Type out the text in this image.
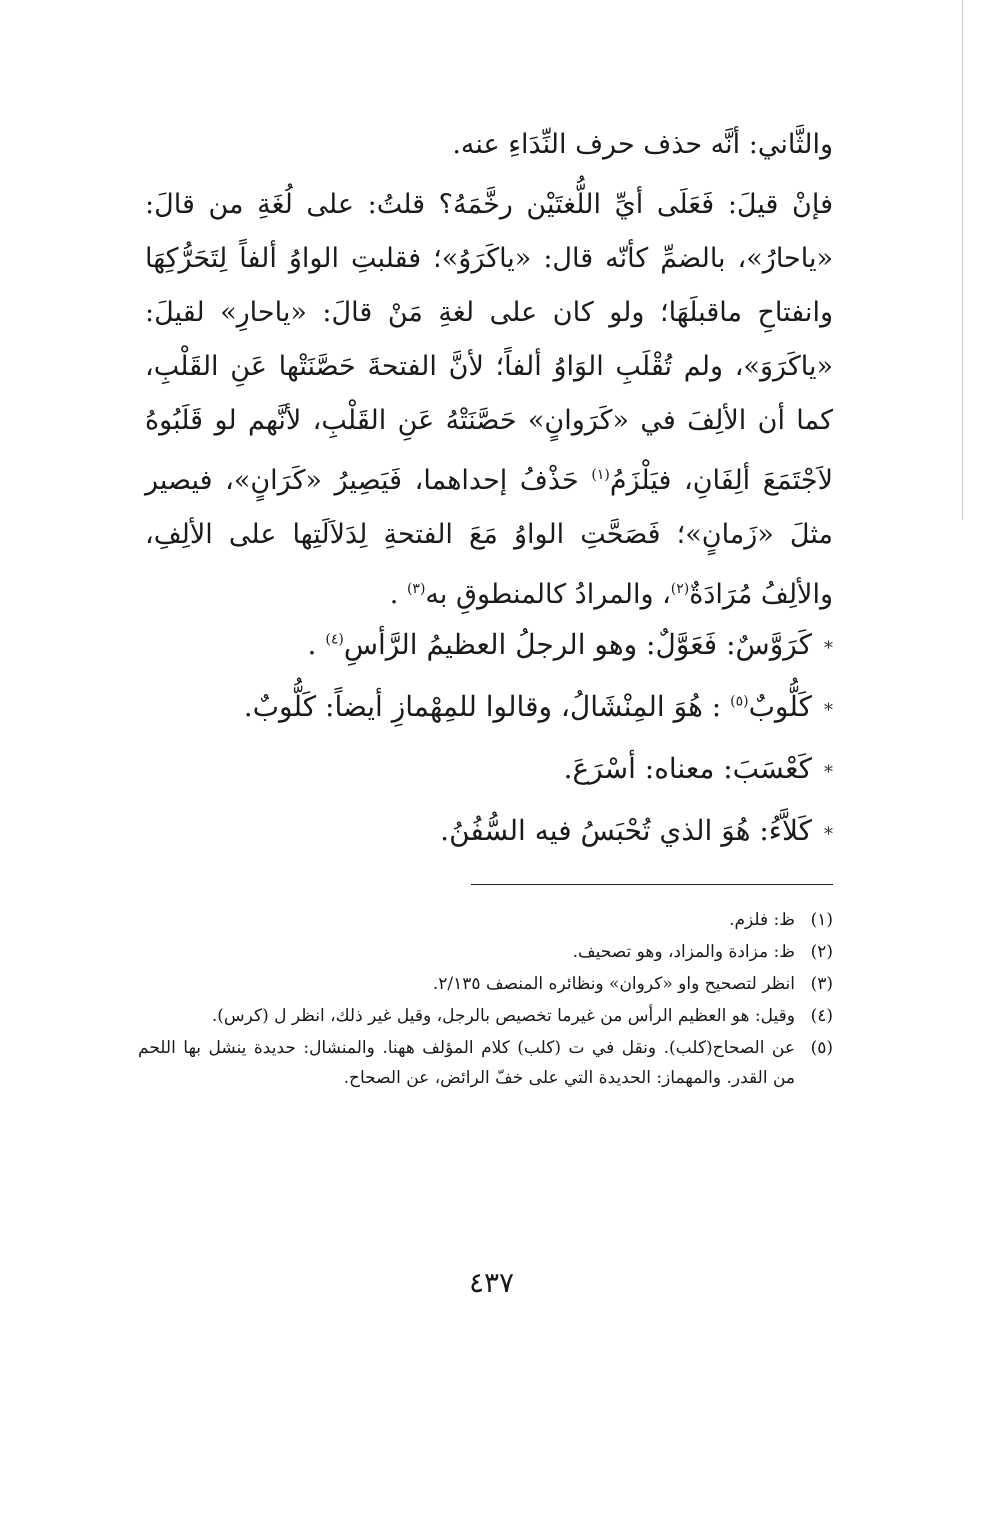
والثَّاني: أنَّه حذف حرف النِّدَاءِ عنه.

فإنْ قيلَ: فَعَلَى أيِّ اللُّغتَيْن رخَّمَهُ؟ قلتُ: على لُغَةِ من قالَ: «ياحارُ»، بالضمِّ كأنّه قال: «ياكَرَوُ»؛ فقلبتِ الواوُ ألفاً لِتَحَرُّكِهَا وانفتاحِ ماقبلَهَا؛ ولو كان على لغةِ مَنْ قالَ: «ياحارِ» لقيلَ: «ياكَرَوَ»، ولم تُقْلَبِ الوَاوُ ألفاً؛ لأنَّ الفتحةَ حَصَّنَتْها عَنِ القَلْبِ، كما أن الألِفَ في «كَرَوانٍ» حَصَّنَتْهُ عَنِ القَلْبِ، لأنَّهم لو قَلَبُوهُ لاَجْتَمَعَ ألِفَانِ، فيَلْزَمُ$^{(١)}$ حَذْفُ إحداهما، فَيَصِيرُ «كَرَانٍ»، فيصير مثلَ «زَمانٍ»؛ فَصَحَّتِ الواوُ مَعَ الفتحةِ لِدَلاَلَتِها على الألِفِ، والألِفُ مُرَادَةٌ$^{(٢)}$، والمرادُ كالمنطوقِ به$^{(٣)}$ .

*
كَرَوَّسٌ: فَعَوَّلٌ: وهو الرجلُ العظيمُ الرَّأسِ$^{(٤)}$ .
*
كَلُّوبٌ$^{(٥)}$ : هُوَ المِنْشَالُ، وقالوا للمِهْمازِ أيضاً: كَلُّوبٌ.
*
كَعْسَبَ: معناه: أسْرَعَ.
*
كَلاَّءُ: هُوَ الذي تُحْبَسُ فيه السُّفُنُ.
(١)
ظ: فلزم.
(٢)
ظ: مزادة والمزاد، وهو تصحيف.
(٣)
انظر لتصحيح واو «كروان» ونظائره المنصف ٢/١٣٥.
(٤)
وقيل: هو العظيم الرأس من غيرما تخصيص بالرجل، وقيل غير ذلك، انظر ل (كرس).
(٥)
عن الصحاح(كلب). ونقل في ت (كلب) كلام المؤلف ههنا. والمنشال: حديدة ينشل بها اللحم من القدر. والمهماز: الحديدة التي على خفّ الرائض، عن الصحاح.
٤٣٧
